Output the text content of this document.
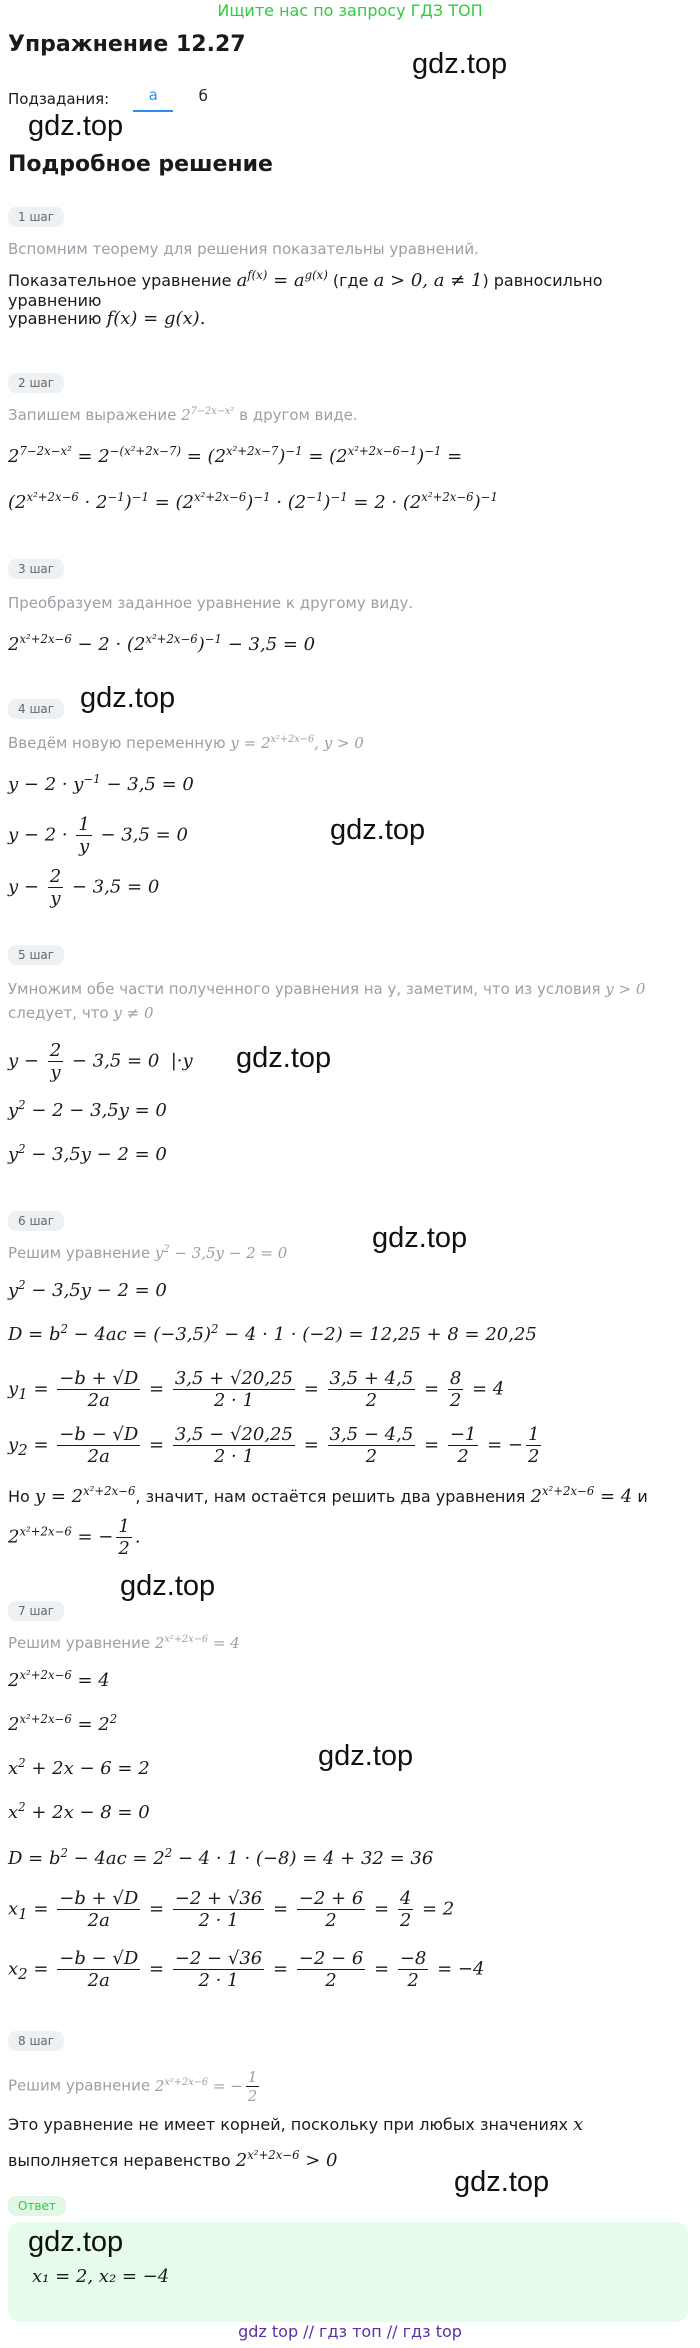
Ищите нас по запросу ГДЗ ТОП
Упражнение 12.27
Подзадания:	а	б
Подробное решение
gdz.top
gdz.top
gdz.top
gdz.top
gdz.top
gdz.top
gdz.top
gdz.top
gdz.top
gdz.top
1 шаг
Вспомним теорему для решения показательны уравнений.
Показательное уравнение $a^{f(x)} = a^{g(x)}$ (где a > 0, a ≠ 1) равносильно уравнению
уравнению f(x) = g(x).
2 шаг
Запишем выражение $2^{7-2x-x^2}$ в другом виде.
$2^{7-2x-x^2} = 2^{-(x^2+2x-7)} = (2^{x^2+2x-7})^{-1} = (2^{x^2+2x-6-1})^{-1}$ =
$(2^{x^2+2x-6} \cdot 2^{-1})^{-1} = (2^{x^2+2x-6})^{-1} \cdot (2^{-1})^{-1} = 2 \cdot (2^{x^2+2x-6})^{-1}$
3 шаг
Преобразуем заданное уравнение к другому виду.
$2^{x^2+2x-6} - 2 \cdot (2^{x^2+2x-6})^{-1} - 3,5 = 0$
4 шаг
Введём новую переменную $y = 2^{x^2+2x-6}$, y > 0
$y - 2 \cdot y^{-1} - 3,5 = 0$
$y - 2 \cdot \frac{1}{y} - 3,5 = 0$
$y - \frac{2}{y} - 3,5 = 0$
5 шаг
Умножим обе части полученного уравнения на y, заметим, что из условия y > 0
следует, что y ≠ 0
$y - \frac{2}{y} - 3,5 = 0$  |·y
$y^2 - 2 - 3,5y = 0$
$y^2 - 3,5y - 2 = 0$
6 шаг
Решим уравнение $y^2 - 3,5y - 2 = 0$
$y^2 - 3,5y - 2 = 0$
$D = b^2 - 4ac = (-3,5)^2 - 4 \cdot 1 \cdot (-2) = 12,25 + 8 = 20,25$
$y_1 = \frac{-b + √D}{2a} = \frac{3,5 + √20,25}{2 \cdot 1} = \frac{3,5 + 4,5}{2} = \frac{8}{2} = 4$
$y_2 = \frac{-b - √D}{2a} = \frac{3,5 - √20,25}{2 \cdot 1} = \frac{3,5 - 4,5}{2} = \frac{-1}{2}$ = − $\frac{1}{2}$
Но $y = 2^{x^2+2x-6}$, значит, нам остаётся решить два уравнения $2^{x^2+2x-6} = 4$ и
$2^{x^2+2x-6}$ = − $\frac{1}{2}$ .
7 шаг
Решим уравнение $2^{x^2+2x-6} = 4$
$2^{x^2+2x-6} = 4$
$2^{x^2+2x-6} = 2^2$
$x^2 + 2x - 6 = 2$
$x^2 + 2x - 8 = 0$
$D = b^2 - 4ac = 2^2 - 4 \cdot 1 \cdot (-8) = 4 + 32 = 36$
$x_1 = \frac{-b + √D}{2a} = \frac{-2 + √36}{2 \cdot 1} = \frac{-2 + 6}{2} = \frac{4}{2} = 2$
$x_2 = \frac{-b - √D}{2a} = \frac{-2 - √36}{2 \cdot 1} = \frac{-2 - 6}{2} = \frac{-8}{2} = -4$
8 шаг
Решим уравнение $2^{x^2+2x-6}$ = − $\frac{1}{2}$
Это уравнение не имеет корней, поскольку при любых значениях x
выполняется неравенство $2^{x^2+2x-6} > 0$
Ответ
x₁ = 2, x₂ = −4
gdz top // гдз топ // гдз top
